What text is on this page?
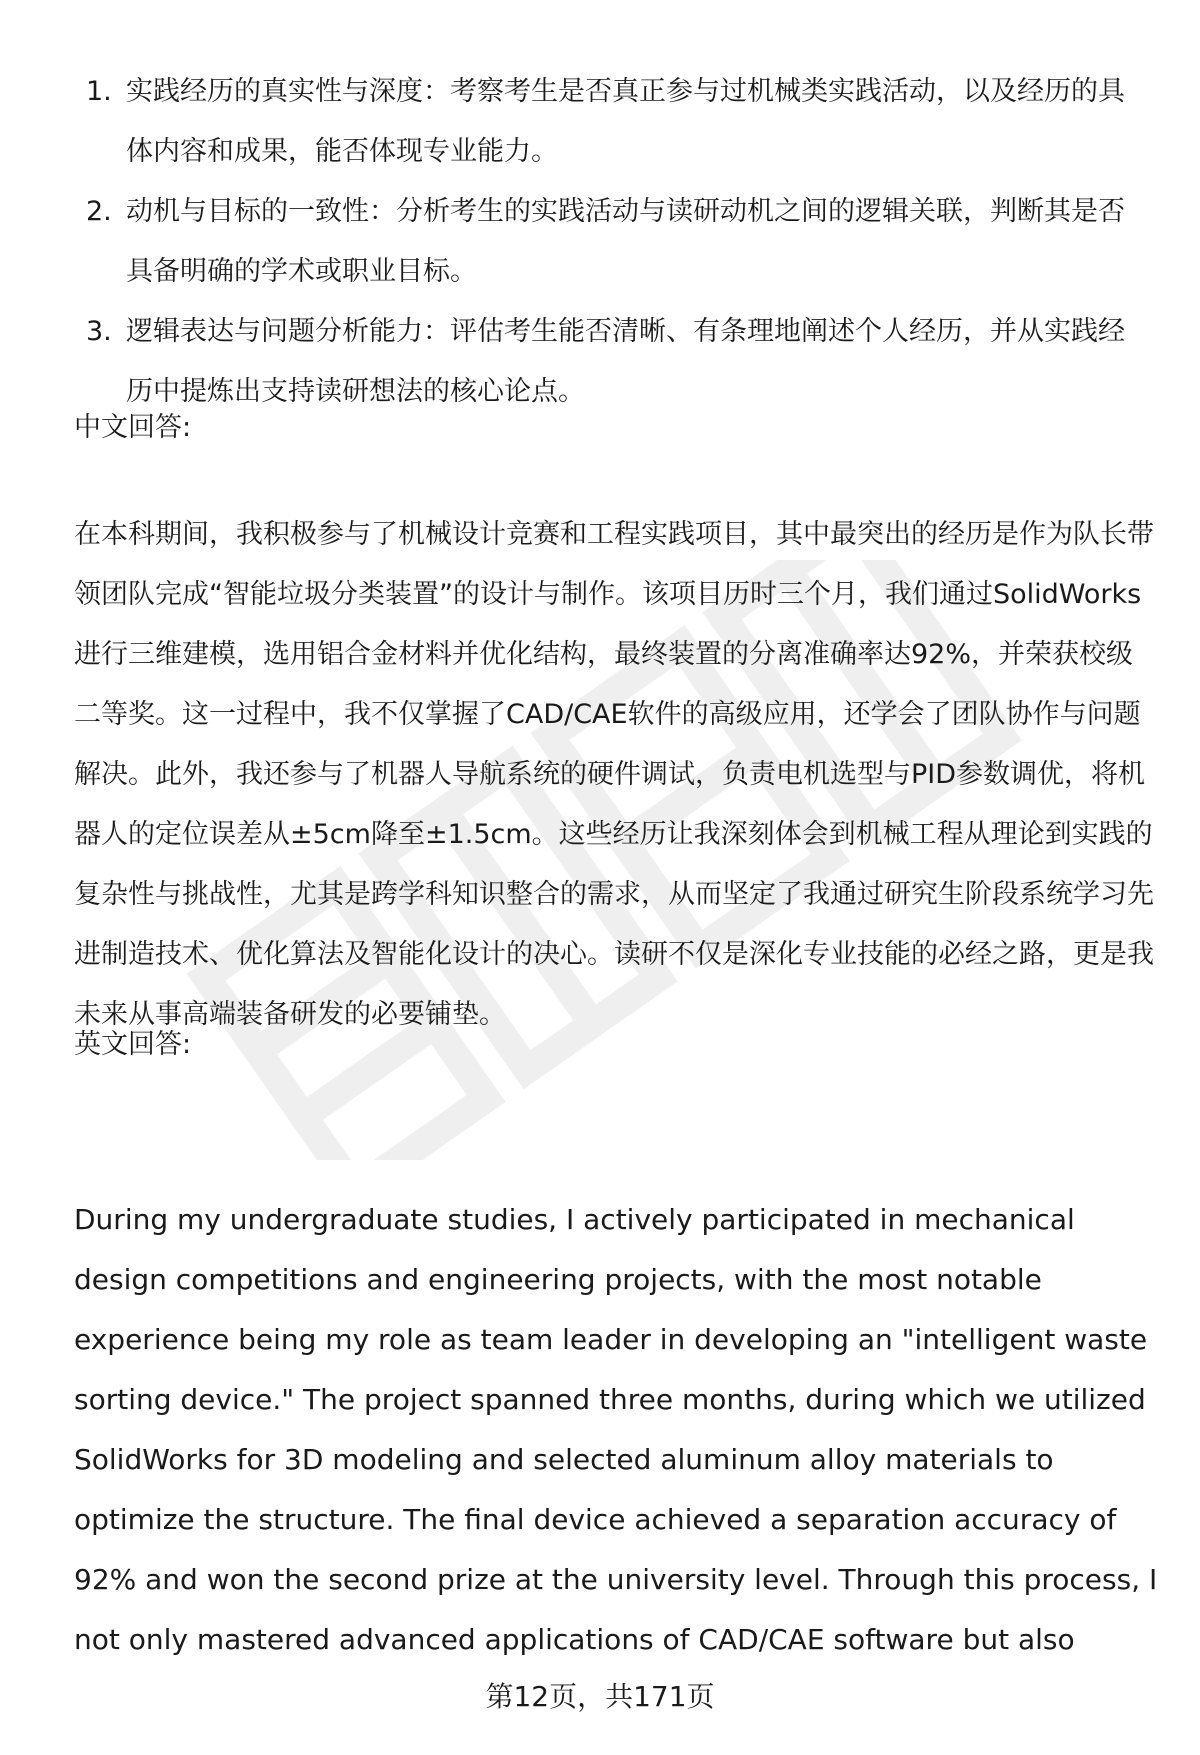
1. 实践经历的真实性与深度：考察考生是否真正参与过机械类实践活动，以及经历的具体内容和成果，能否体现专业能力。
2. 动机与目标的一致性：分析考生的实践活动与读研动机之间的逻辑关联，判断其是否具备明确的学术或职业目标。
3. 逻辑表达与问题分析能力：评估考生能否清晰、有条理地阐述个人经历，并从实践经历中提炼出支持读研想法的核心论点。

中文回答:

在本科期间，我积极参与了机械设计竞赛和工程实践项目，其中最突出的经历是作为队长带领团队完成“智能垃圾分类装置”的设计与制作。该项目历时三个月，我们通过SolidWorks进行三维建模，选用铝合金材料并优化结构，最终装置的分离准确率达92%，并荣获校级二等奖。这一过程中，我不仅掌握了CAD/CAE软件的高级应用，还学会了团队协作与问题解决。此外，我还参与了机器人导航系统的硬件调试，负责电机选型与PID参数调优，将机器人的定位误差从±5cm降至±1.5cm。这些经历让我深刻体会到机械工程从理论到实践的复杂性与挑战性，尤其是跨学科知识整合的需求，从而坚定了我通过研究生阶段系统学习先进制造技术、优化算法及智能化设计的决心。读研不仅是深化专业技能的必经之路，更是我未来从事高端装备研发的必要铺垫。

英文回答:

During my undergraduate studies, I actively participated in mechanical design competitions and engineering projects, with the most notable experience being my role as team leader in developing an "intelligent waste sorting device." The project spanned three months, during which we utilized SolidWorks for 3D modeling and selected aluminum alloy materials to optimize the structure. The final device achieved a separation accuracy of 92% and won the second prize at the university level. Through this process, I not only mastered advanced applications of CAD/CAE software but also

第12页，共171页
